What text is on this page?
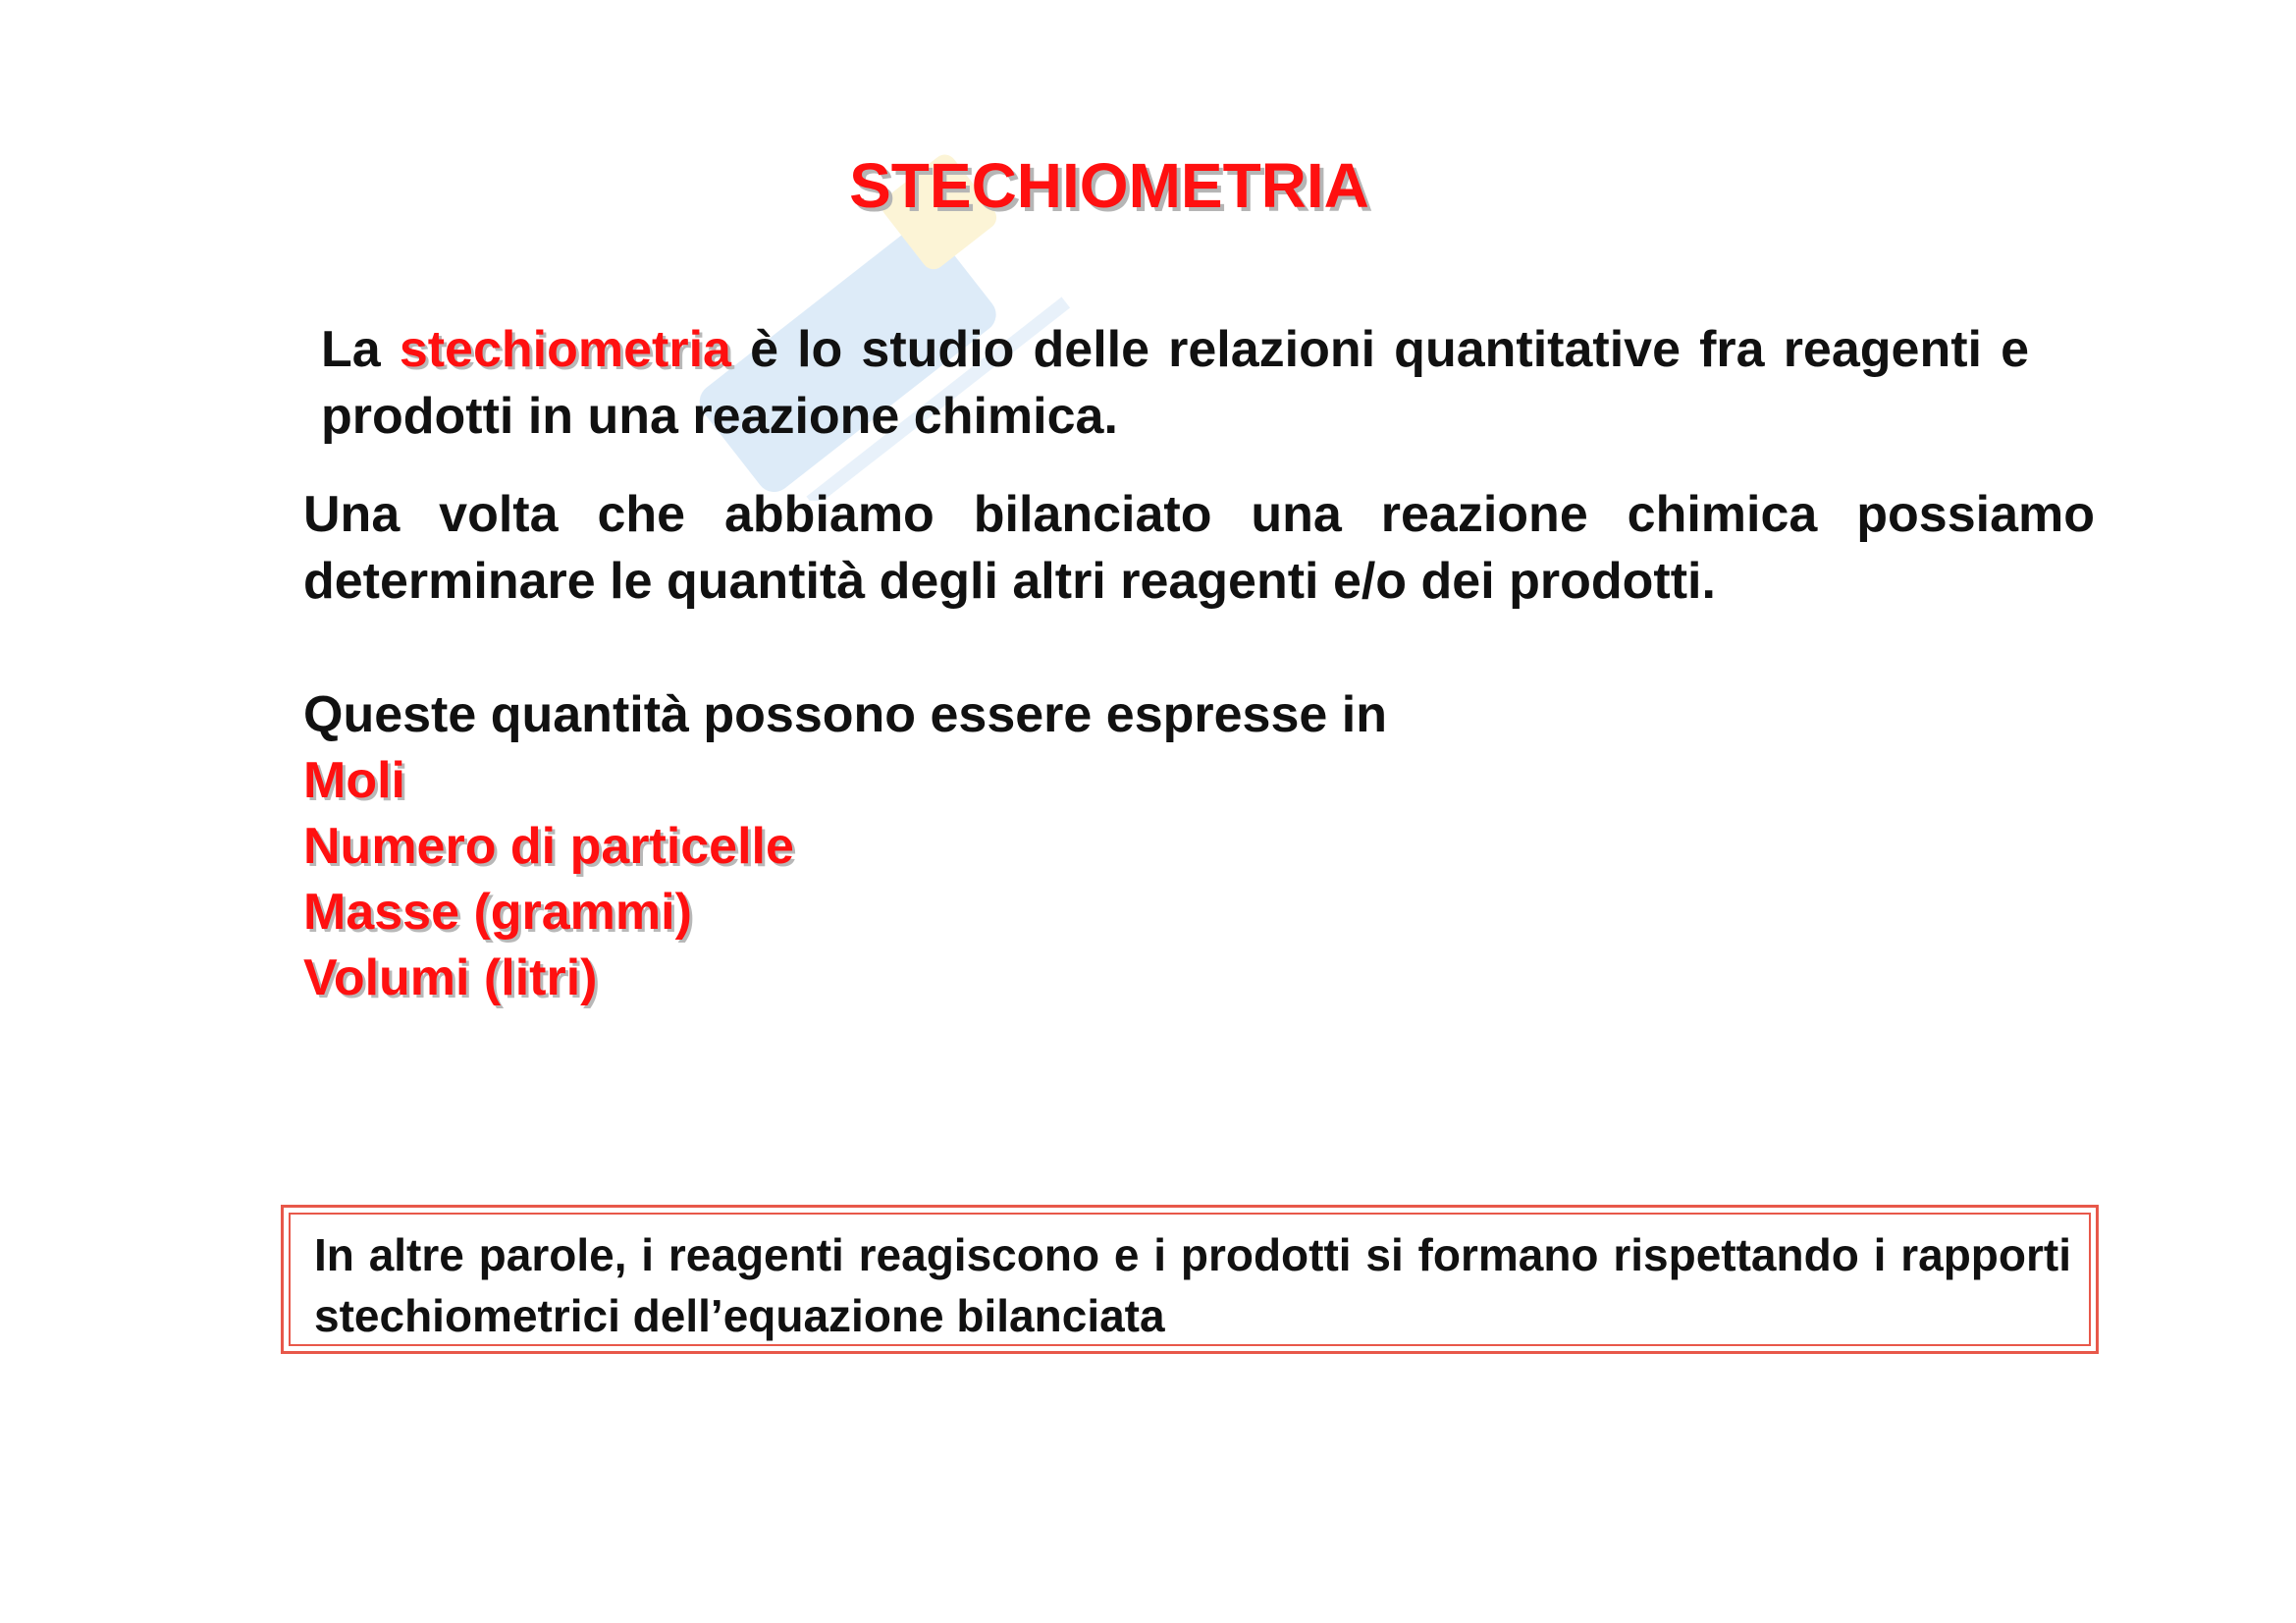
STECHIOMETRIA
La stechiometria è lo studio delle relazioni quantitative fra reagenti e prodotti in una reazione chimica.
Una volta che abbiamo bilanciato una reazione chimica possiamo determinare le quantità degli altri reagenti e/o dei prodotti.
Queste quantità possono essere espresse in
Moli
Numero di particelle
Masse (grammi)
Volumi (litri)
In altre parole, i reagenti reagiscono e i prodotti si formano rispettando i rapporti stechiometrici dell’equazione bilanciata
